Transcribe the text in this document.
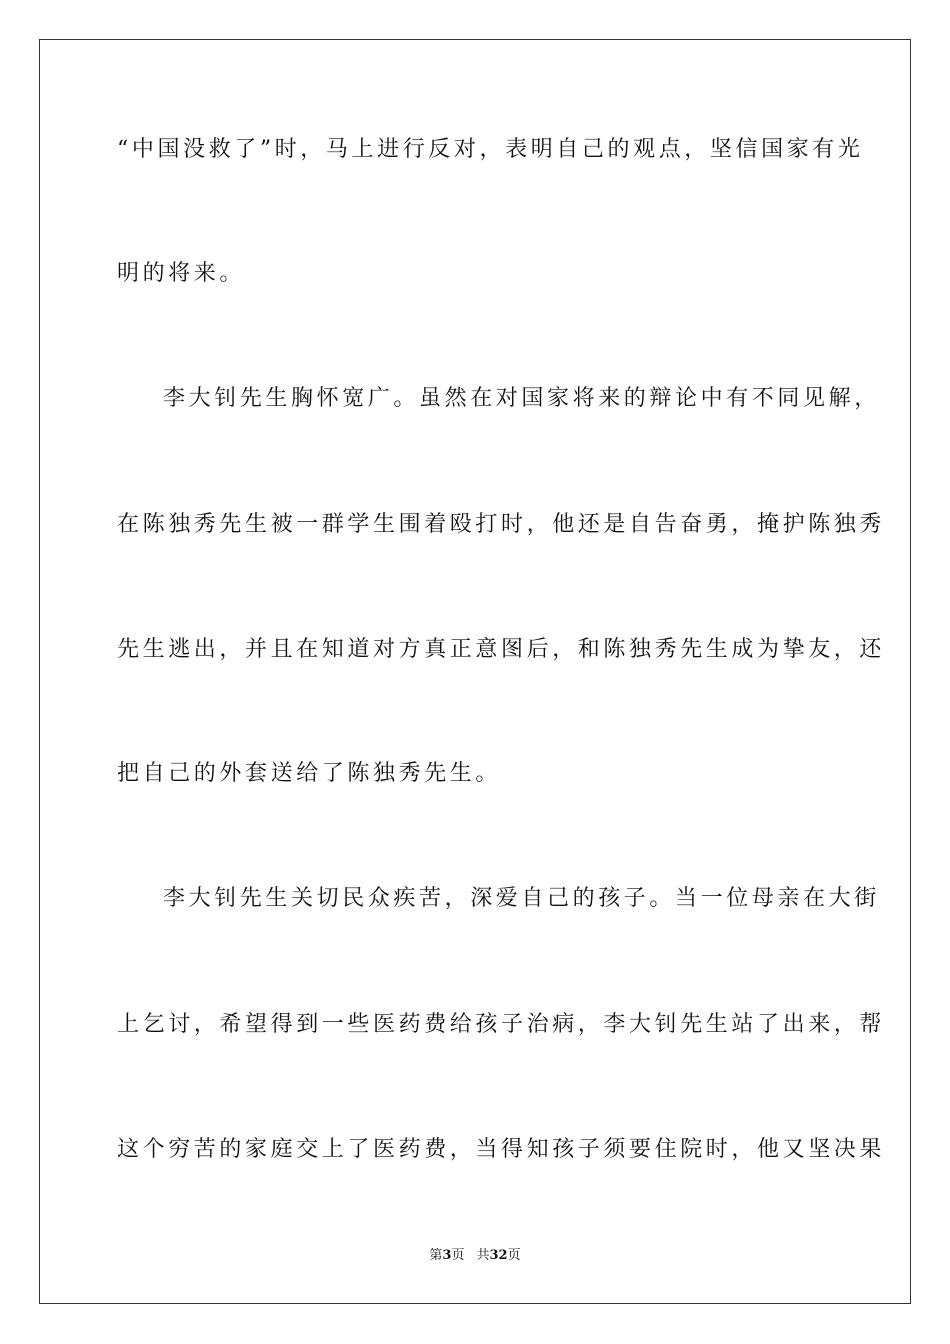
“中国没救了”时，马上进行反对，表明自己的观点，坚信国家有光
明的将来。
李大钊先生胸怀宽广。虽然在对国家将来的辩论中有不同见解，
在陈独秀先生被一群学生围着殴打时，他还是自告奋勇，掩护陈独秀
先生逃出，并且在知道对方真正意图后，和陈独秀先生成为挚友，还
把自己的外套送给了陈独秀先生。
李大钊先生关切民众疾苦，深爱自己的孩子。当一位母亲在大街
上乞讨，希望得到一些医药费给孩子治病，李大钊先生站了出来，帮
这个穷苦的家庭交上了医药费，当得知孩子须要住院时，他又坚决果
第3页 共32页
